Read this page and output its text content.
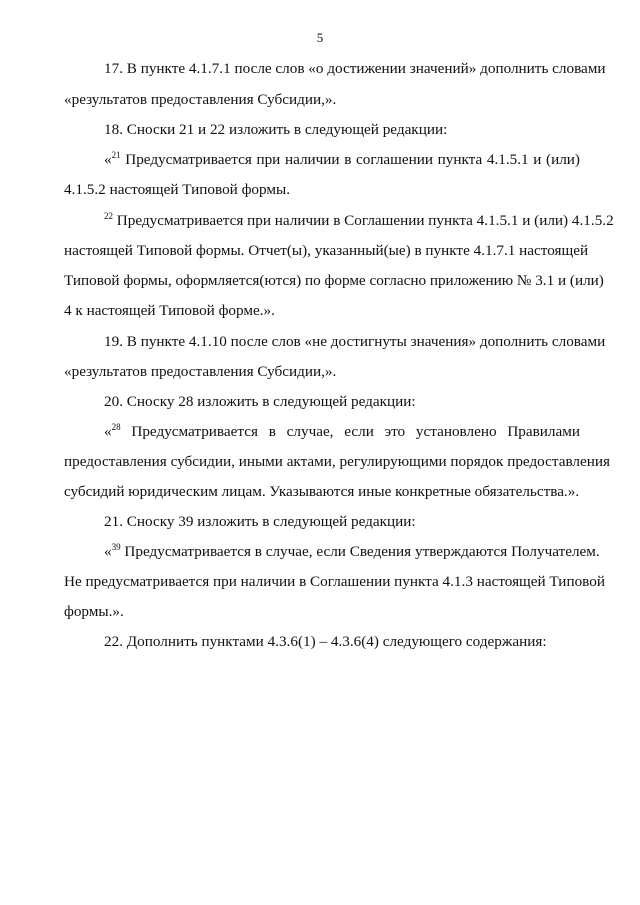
5
17. В пункте 4.1.7.1 после слов «о достижении значений» дополнить словами
«результатов предоставления Субсидии,».
18. Сноски 21 и 22 изложить в следующей редакции:
«$^{21}$ Предусматривается при наличии в соглашении пункта 4.1.5.1 и (или)
4.1.5.2 настоящей Типовой формы.
$^{22}$ Предусматривается при наличии в Соглашении пункта 4.1.5.1 и (или) 4.1.5.2
настоящей Типовой формы. Отчет(ы), указанный(ые) в пункте 4.1.7.1 настоящей
Типовой формы, оформляется(ются) по форме согласно приложению № 3.1 и (или)
4 к настоящей Типовой форме.».
19. В пункте 4.1.10 после слов «не достигнуты значения» дополнить словами
«результатов предоставления Субсидии,».
20. Сноску 28 изложить в следующей редакции:
«$^{28}$ Предусматривается в случае, если это установлено Правилами
предоставления субсидии, иными актами, регулирующими порядок предоставления
субсидий юридическим лицам. Указываются иные конкретные обязательства.».
21. Сноску 39 изложить в следующей редакции:
«$^{39}$ Предусматривается в случае, если Сведения утверждаются Получателем.
Не предусматривается при наличии в Соглашении пункта 4.1.3 настоящей Типовой
формы.».
22. Дополнить пунктами 4.3.6(1) – 4.3.6(4) следующего содержания:
